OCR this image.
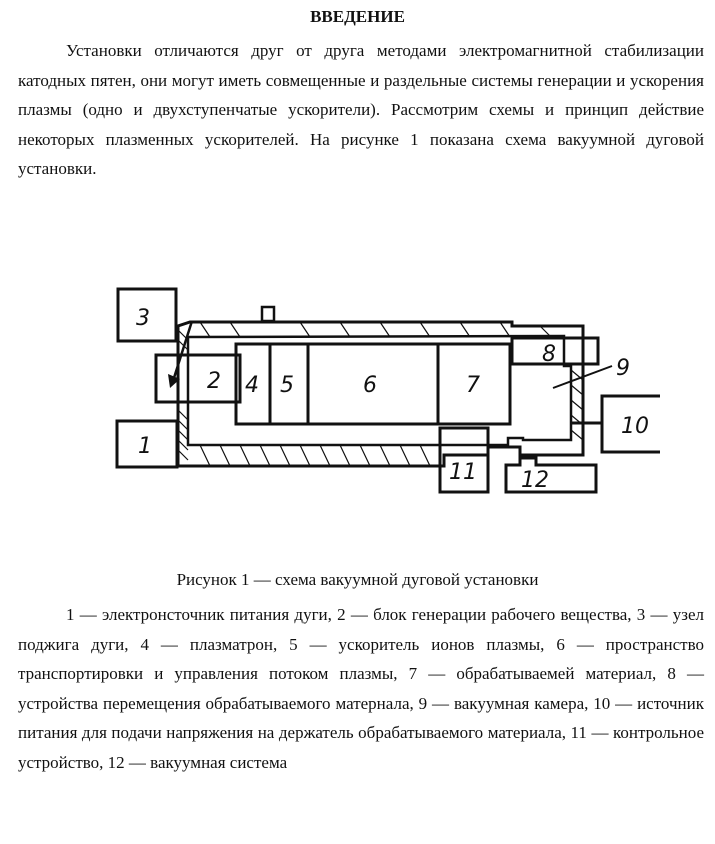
ВВЕДЕНИЕ

Установки отличаются друг от друга методами электромагнитной стабилизации катодных пятен, они могут иметь совмещенные и раздельные системы генерации и ускорения плазмы (одно и двухступенчатые ускорители). Рассмотрим схемы и принцип действие некоторых плазменных ускорителей. На рисунке 1 показана схема вакуумной дуговой установки.

3
1
2 4 5	6	7
8
9
10
11 12
Рисунок 1 — схема вакуумной дуговой установки

1 — электронсточник питания дуги, 2 — блок генерации рабочего вещества, 3 — узел поджига дуги, 4 — плазматрон, 5 — ускоритель ионов плазмы, 6 — пространство транспортировки и управления потоком плазмы, 7 — обрабатываемей материал, 8 — устройства перемещения обрабатываемого матернала, 9 — вакуумная камера, 10 — источник питания для подачи напряжения на держатель обрабатываемого материала, 11 — контрольное устройство, 12 — вакуумная система
